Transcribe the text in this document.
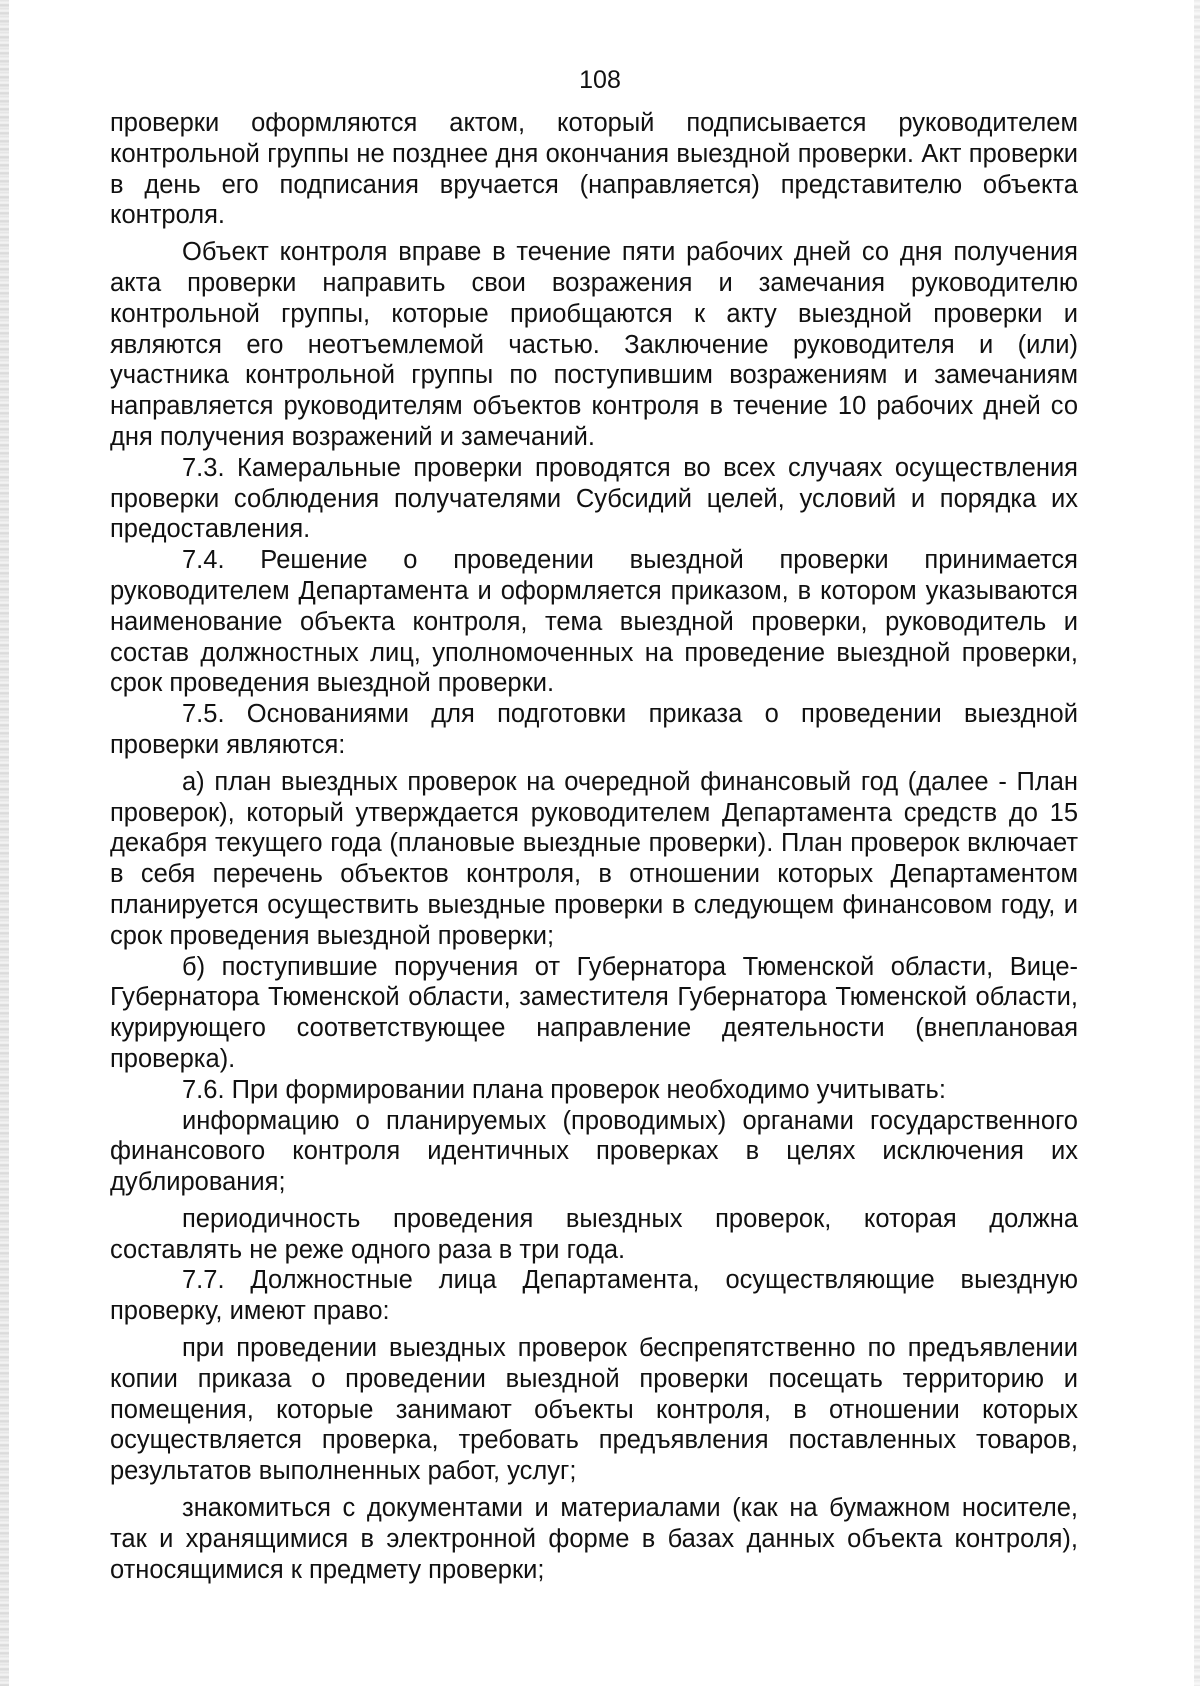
108

проверки оформляются актом, который подписывается руководителем контрольной группы не позднее дня окончания выездной проверки. Акт проверки в день его подписания вручается (направляется) представителю объекта контроля.

Объект контроля вправе в течение пяти рабочих дней со дня получения акта проверки направить свои возражения и замечания руководителю контрольной группы, которые приобщаются к акту выездной проверки и являются его неотъемлемой частью. Заключение руководителя и (или) участника контрольной группы по поступившим возражениям и замечаниям направляется руководителям объектов контроля в течение 10 рабочих дней со дня получения возражений и замечаний.

7.3. Камеральные проверки проводятся во всех случаях осуществления проверки соблюдения получателями Субсидий целей, условий и порядка их предоставления.

7.4. Решение о проведении выездной проверки принимается руководителем Департамента и оформляется приказом, в котором указываются наименование объекта контроля, тема выездной проверки, руководитель и состав должностных лиц, уполномоченных на проведение выездной проверки, срок проведения выездной проверки.

7.5. Основаниями для подготовки приказа о проведении выездной проверки являются:

а) план выездных проверок на очередной финансовый год (далее - План проверок), который утверждается руководителем Департамента средств до 15 декабря текущего года (плановые выездные проверки). План проверок включает в себя перечень объектов контроля, в отношении которых Департаментом планируется осуществить выездные проверки в следующем финансовом году, и срок проведения выездной проверки;

б) поступившие поручения от Губернатора Тюменской области, Вице-Губернатора Тюменской области, заместителя Губернатора Тюменской области, курирующего соответствующее направление деятельности (внеплановая проверка).

7.6. При формировании плана проверок необходимо учитывать:

информацию о планируемых (проводимых) органами государственного финансового контроля идентичных проверках в целях исключения их дублирования;

периодичность проведения выездных проверок, которая должна составлять не реже одного раза в три года.

7.7. Должностные лица Департамента, осуществляющие выездную проверку, имеют право:

при проведении выездных проверок беспрепятственно по предъявлении копии приказа о проведении выездной проверки посещать территорию и помещения, которые занимают объекты контроля, в отношении которых осуществляется проверка, требовать предъявления поставленных товаров, результатов выполненных работ, услуг;

знакомиться с документами и материалами (как на бумажном носителе, так и хранящимися в электронной форме в базах данных объекта контроля), относящимися к предмету проверки;
